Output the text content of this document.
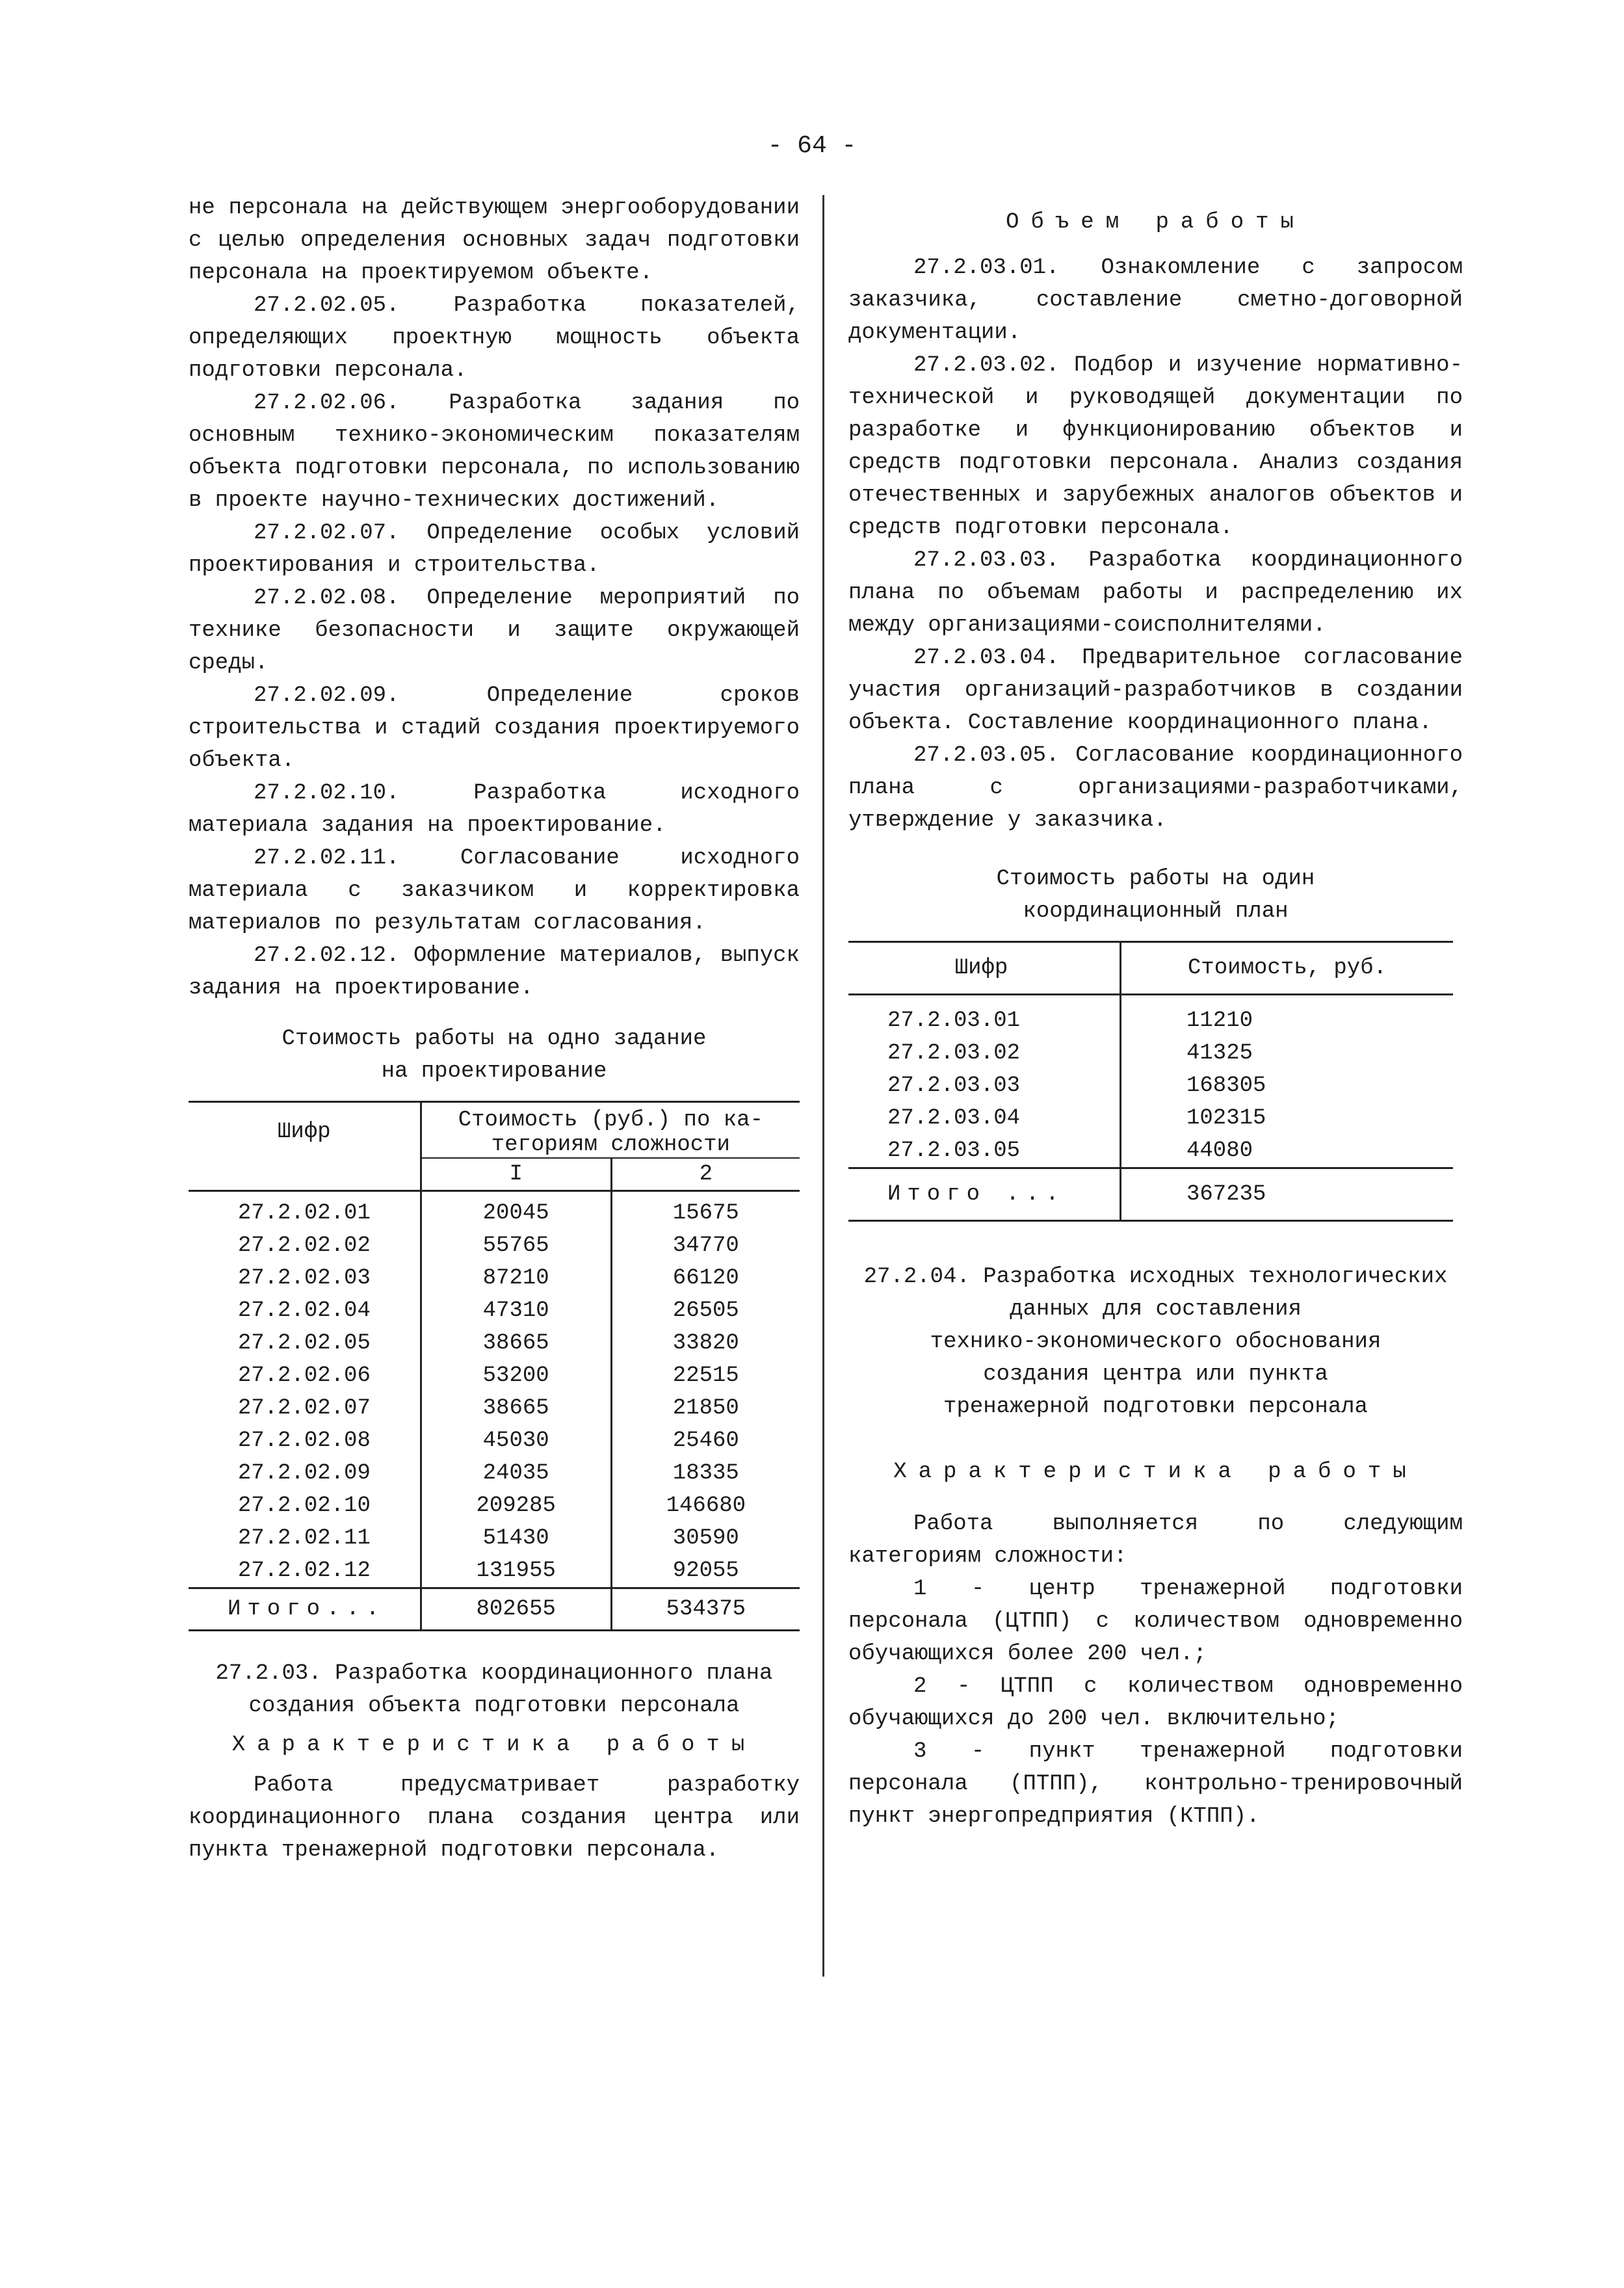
- 64 -

не персонала на действующем энергооборудовании с целью определения основных задач подготовки персонала на проектируемом объекте.

27.2.02.05. Разработка показателей, определяющих проектную мощность объекта подготовки персонала.

27.2.02.06. Разработка задания по основным технико-экономическим показателям объекта подготовки персонала, по использованию в проекте научно-технических достижений.

27.2.02.07. Определение особых условий проектирования и строительства.

27.2.02.08. Определение мероприятий по технике безопасности и защите окружающей среды.

27.2.02.09. Определение сроков строительства и стадий создания проектируемого объекта.

27.2.02.10. Разработка исходного материала задания на проектирование.

27.2.02.11. Согласование исходного материала с заказчиком и корректировка материалов по результатам согласования.

27.2.02.12. Оформление материалов, выпуск задания на проектирование.

Стоимость работы на одно задание
на проектирование
Шифр	Стоимость (руб.) по ка-
тегориям сложности	

	I	2
27.2.02.01	20045	15675
27.2.02.02	55765	34770
27.2.02.03	87210	66120
27.2.02.04	47310	26505
27.2.02.05	38665	33820
27.2.02.06	53200	22515
27.2.02.07	38665	21850
27.2.02.08	45030	25460
27.2.02.09	24035	18335
27.2.02.10	209285	146680
27.2.02.11	51430	30590
27.2.02.12	131955	92055
Итого...	802655	534375
27.2.03. Разработка координационного плана
создания объекта подготовки персонала
Характеристика работы

Работа предусматривает разработку координационного плана создания центра или пункта тренажерной подготовки персонала.

Объем работы

27.2.03.01. Ознакомление с запросом заказчика, составление сметно-договорной документации.

27.2.03.02. Подбор и изучение нормативно-технической и руководящей документации по разработке и функционированию объектов и средств подготовки персонала. Анализ создания отечественных и зарубежных аналогов объектов и средств подготовки персонала.

27.2.03.03. Разработка координационного плана по объемам работы и распределению их между организациями-соисполнителями.

27.2.03.04. Предварительное согласование участия организаций-разработчиков в создании объекта. Составление координационного плана.

27.2.03.05. Согласование координационного плана с организациями-разработчиками, утверждение у заказчика.

Стоимость работы на один
координационный план
Шифр	Стоимость, руб.
27.2.03.01	11210
27.2.03.02	41325
27.2.03.03	168305
27.2.03.04	102315
27.2.03.05	44080
Итого ...	367235
27.2.04. Разработка исходных технологических
данных для составления
технико-экономического обоснования
создания центра или пункта
тренажерной подготовки персонала
Характеристика работы

Работа выполняется по следующим категориям сложности:

1 - центр тренажерной подготовки персонала (ЦТПП) с количеством одновременно обучающихся более 200 чел.;

2 - ЦТПП с количеством одновременно обучающихся до 200 чел. включительно;

3 - пункт тренажерной подготовки персонала (ПТПП), контрольно-тренировочный пункт энергопредприятия (КТПП).
